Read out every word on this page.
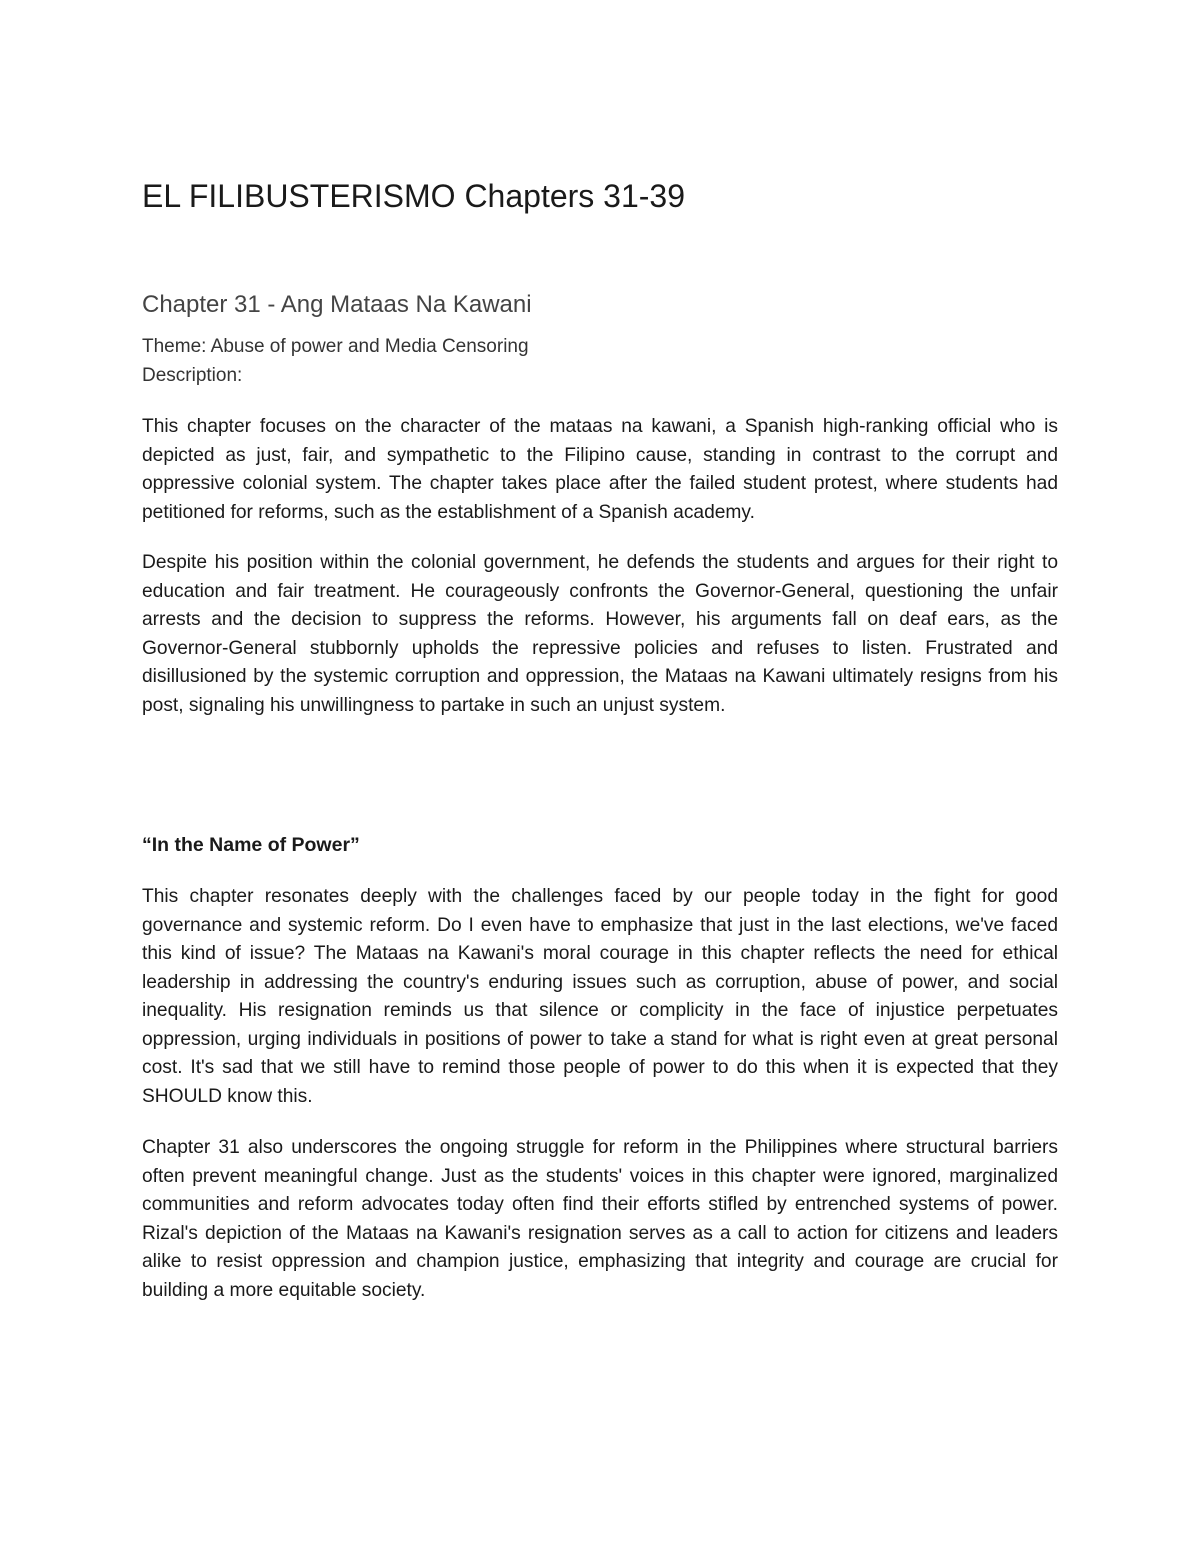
EL FILIBUSTERISMO Chapters 31-39
Chapter 31 - Ang Mataas Na Kawani
Theme: Abuse of power and Media Censoring
Description:

This chapter focuses on the character of the mataas na kawani, a Spanish high-ranking official who is depicted as just, fair, and sympathetic to the Filipino cause, standing in contrast to the corrupt and oppressive colonial system. The chapter takes place after the failed student protest, where students had petitioned for reforms, such as the establishment of a Spanish academy.

Despite his position within the colonial government, he defends the students and argues for their right to education and fair treatment. He courageously confronts the Governor-General, questioning the unfair arrests and the decision to suppress the reforms. However, his arguments fall on deaf ears, as the Governor-General stubbornly upholds the repressive policies and refuses to listen. Frustrated and disillusioned by the systemic corruption and oppression, the Mataas na Kawani ultimately resigns from his post, signaling his unwillingness to partake in such an unjust system.

“In the Name of Power”

This chapter resonates deeply with the challenges faced by our people today in the fight for good governance and systemic reform. Do I even have to emphasize that just in the last elections, we've faced this kind of issue? The Mataas na Kawani's moral courage in this chapter reflects the need for ethical leadership in addressing the country's enduring issues such as corruption, abuse of power, and social inequality. His resignation reminds us that silence or complicity in the face of injustice perpetuates oppression, urging individuals in positions of power to take a stand for what is right even at great personal cost. It's sad that we still have to remind those people of power to do this when it is expected that they SHOULD know this.

Chapter 31 also underscores the ongoing struggle for reform in the Philippines where structural barriers often prevent meaningful change. Just as the students' voices in this chapter were ignored, marginalized communities and reform advocates today often find their efforts stifled by entrenched systems of power. Rizal's depiction of the Mataas na Kawani's resignation serves as a call to action for citizens and leaders alike to resist oppression and champion justice, emphasizing that integrity and courage are crucial for building a more equitable society.
